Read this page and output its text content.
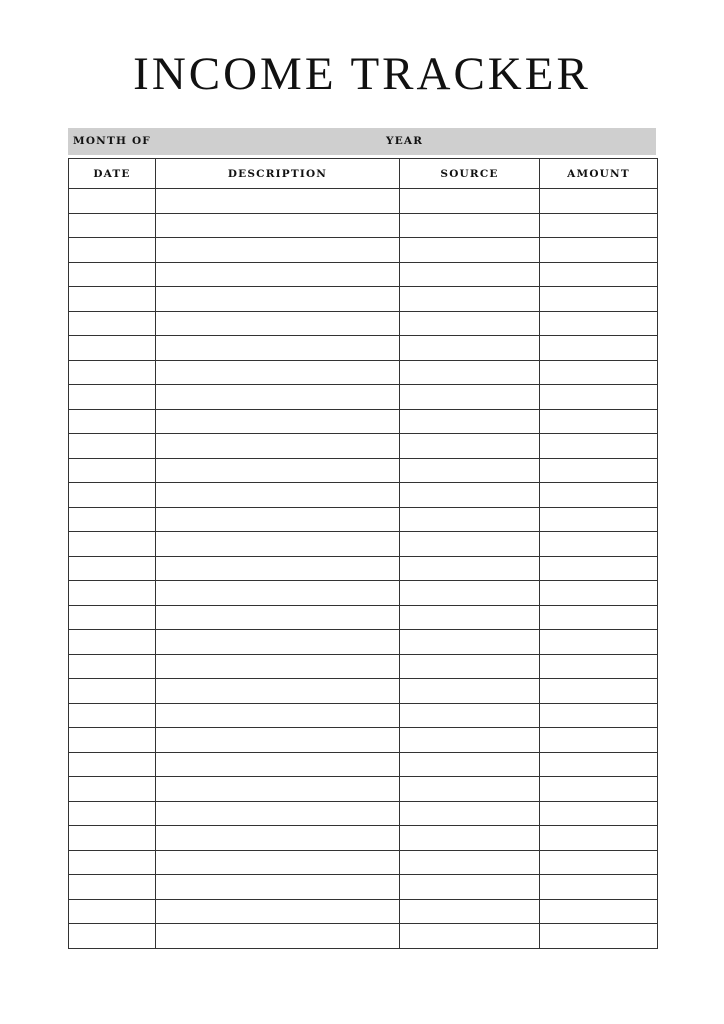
INCOME TRACKER
MONTH OF	YEAR
DATE	DESCRIPTION	SOURCE	AMOUNT
